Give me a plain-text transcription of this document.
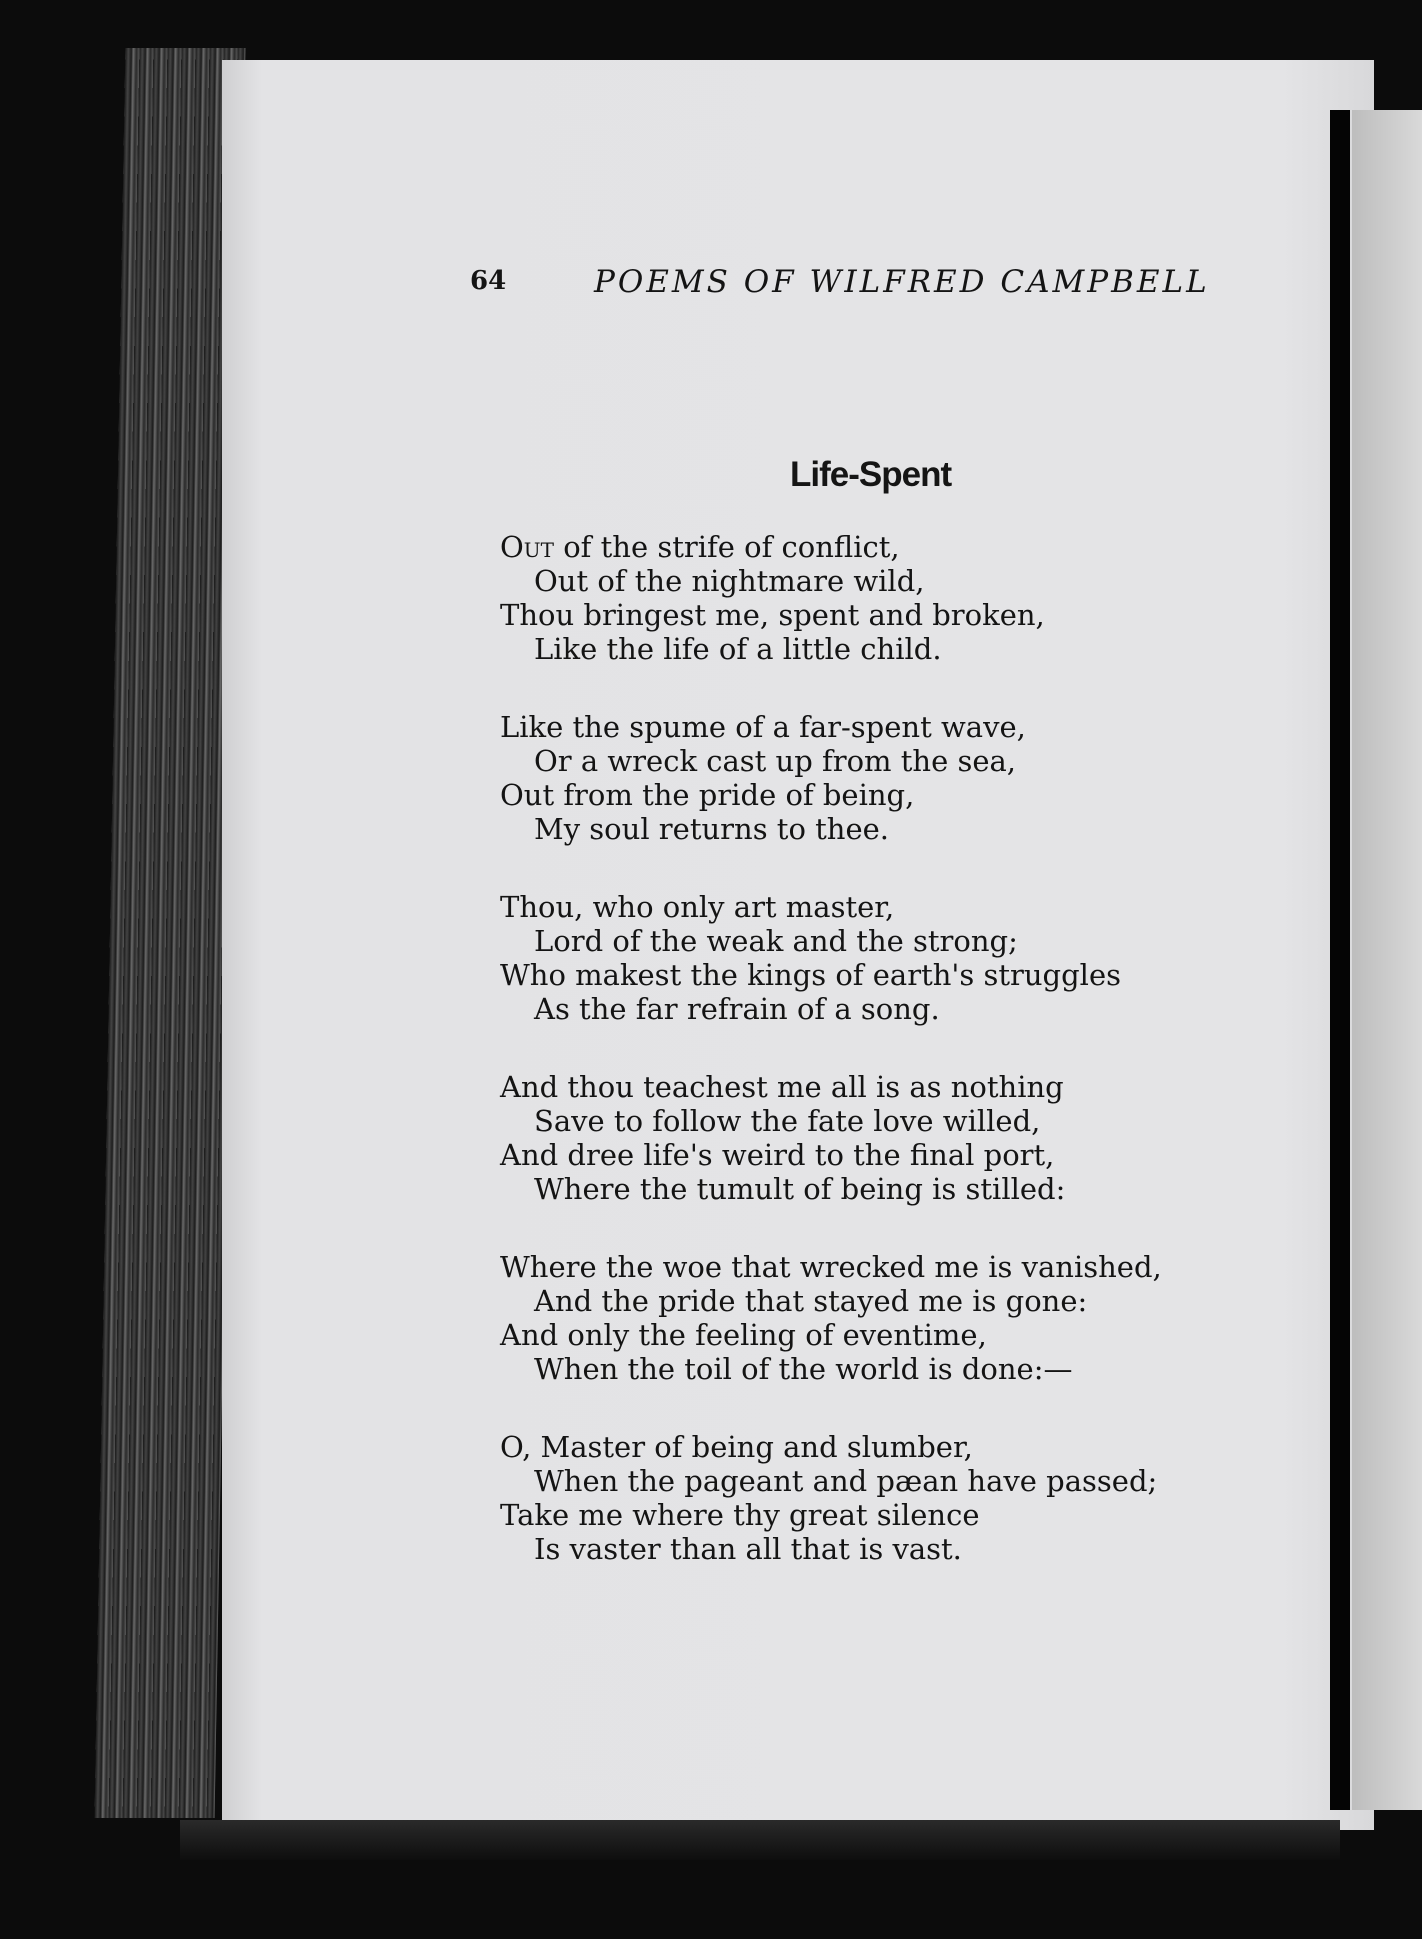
64	POEMS OF WILFRED CAMPBELL
Life-Spent

Out of the strife of conflict,
Out of the nightmare wild,
Thou bringest me, spent and broken,
Like the life of a little child.

Like the spume of a far-spent wave,
Or a wreck cast up from the sea,
Out from the pride of being,
My soul returns to thee.

Thou, who only art master,
Lord of the weak and the strong;
Who makest the kings of earth's struggles
As the far refrain of a song.

And thou teachest me all is as nothing
Save to follow the fate love willed,
And dree life's weird to the final port,
Where the tumult of being is stilled:

Where the woe that wrecked me is vanished,
And the pride that stayed me is gone:
And only the feeling of eventime,
When the toil of the world is done:—

O, Master of being and slumber,
When the pageant and pæan have passed;
Take me where thy great silence
Is vaster than all that is vast.
